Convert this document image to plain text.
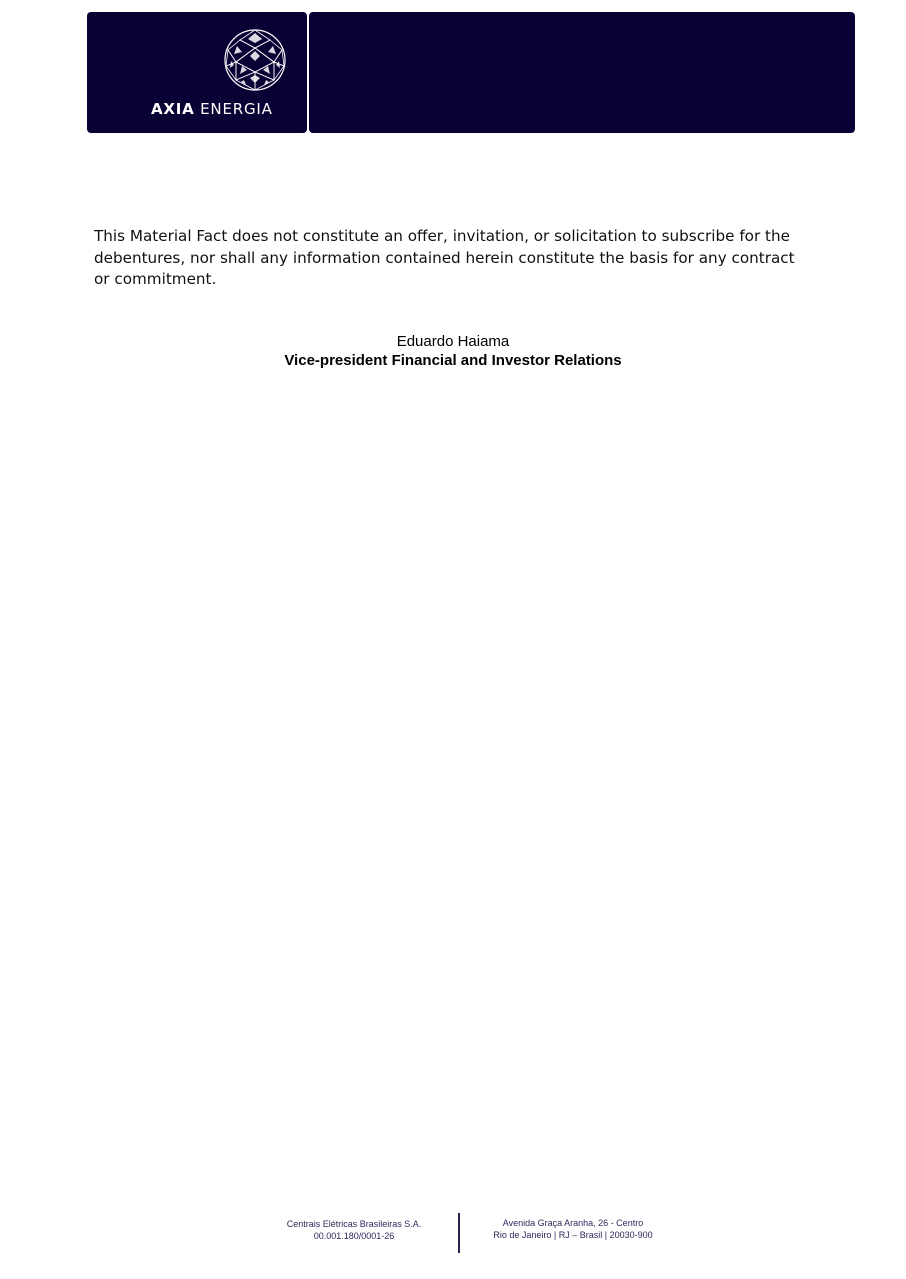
AXIA ENERGIA

This Material Fact does not constitute an offer, invitation, or solicitation to subscribe for the debentures, nor shall any information contained herein constitute the basis for any contract or commitment.

Eduardo Haiama
Vice-president Financial and Investor Relations
Centrais Elétricas Brasileiras S.A.
00.001.180/0001-26
Avenida Graça Aranha, 26 - Centro
Rio de Janeiro | RJ – Brasil | 20030-900
